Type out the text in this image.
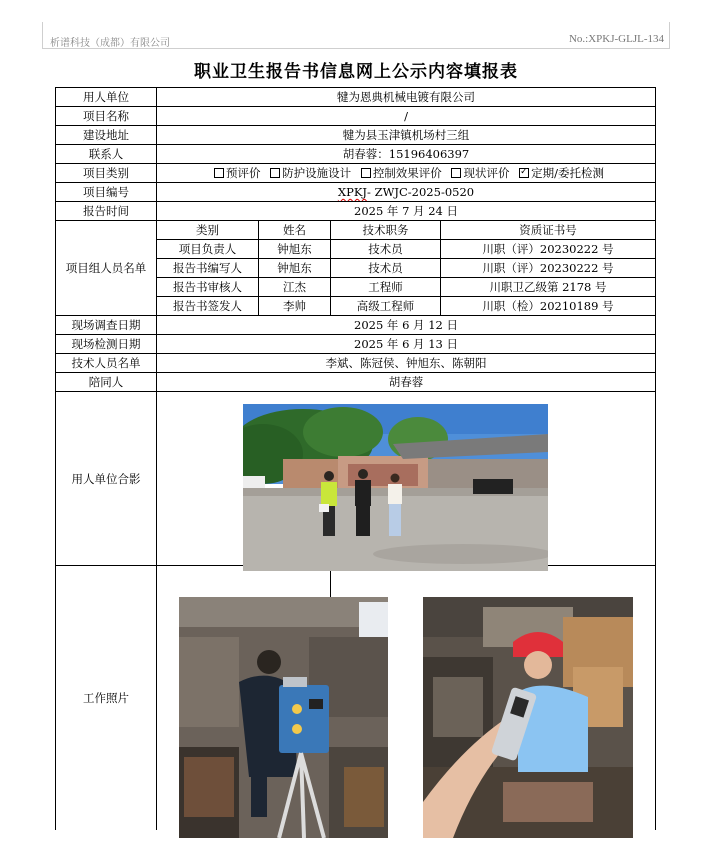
析谱科技（成都）有限公司	No.:XPKJ-GLJL-134
职业卫生报告书信息网上公示内容填报表
用人单位	犍为恩典机械电镀有限公司			
项目名称	/			
建设地址	犍为县玉津镇机场村三组			
联系人	胡春蓉：15196406397			
项目类别	预评价 防护设施设计 控制效果评价 现状评价 ✓ 定期/委托检测
项目编号	XPKJ- ZWJC-2025-0520			
报告时间	2025 年 7 月 24 日			
项目组人员名单	类别	姓名	技术职务	资质证书号
	项目负责人	钟旭东	技术员	川职（评）20230222 号
	报告书编写人	钟旭东	技术员	川职（评）20230222 号
	报告书审核人	江杰	工程师	川职卫乙级第 2178 号
	报告书签发人	李帅	高级工程师	川职（检）20210189 号
现场调查日期	2025 年 6 月 12 日			
现场检测日期	2025 年 6 月 13 日			
技术人员名单	李斌、陈冠侯、钟旭东、陈朝阳			
陪同人	胡春蓉			
用人单位合影				
工作照片				
